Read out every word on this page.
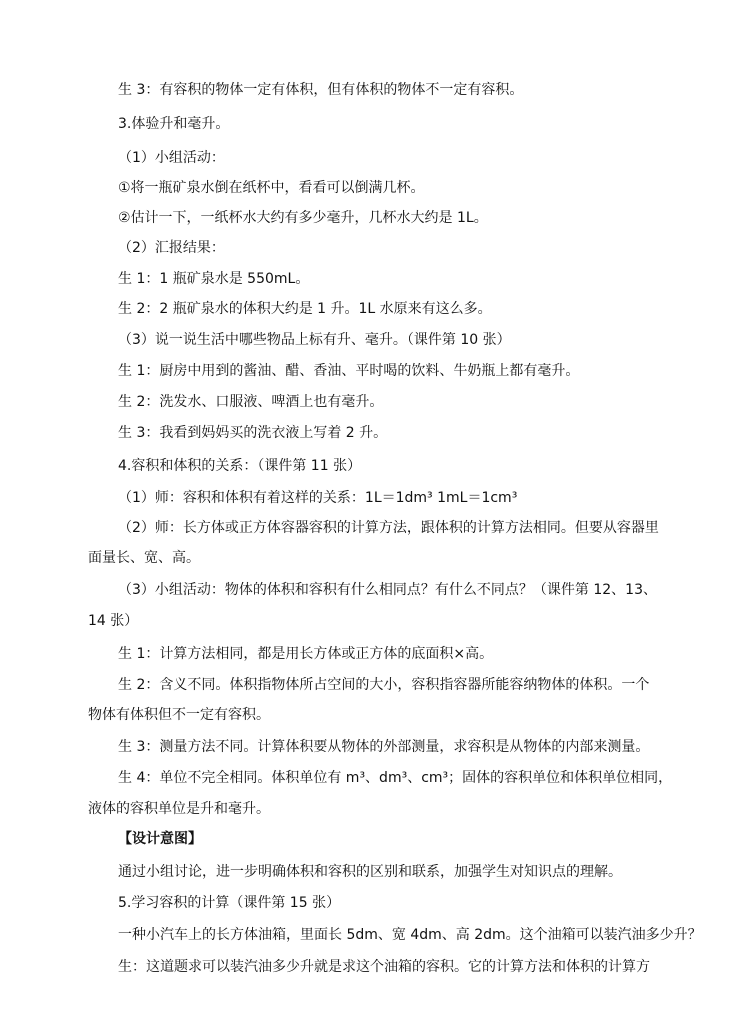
生 3：有容积的物体一定有体积，但有体积的物体不一定有容积。
3.体验升和毫升。
（1）小组活动：
①将一瓶矿泉水倒在纸杯中，看看可以倒满几杯。
②估计一下，一纸杯水大约有多少毫升，几杯水大约是 1L。
（2）汇报结果：
生 1：1 瓶矿泉水是 550mL。
生 2：2 瓶矿泉水的体积大约是 1 升。1L 水原来有这么多。
（3）说一说生活中哪些物品上标有升、毫升。（课件第 10 张）
生 1：厨房中用到的酱油、醋、香油、平时喝的饮料、牛奶瓶上都有毫升。
生 2：洗发水、口服液、啤酒上也有毫升。
生 3：我看到妈妈买的洗衣液上写着 2 升。
4.容积和体积的关系：（课件第 11 张）
（1）师：容积和体积有着这样的关系：1L＝1dm³ 1mL＝1cm³
（2）师：长方体或正方体容器容积的计算方法，跟体积的计算方法相同。但要从容器里
面量长、宽、高。
（3）小组活动：物体的体积和容积有什么相同点？有什么不同点？（课件第 12、13、
14 张）
生 1：计算方法相同，都是用长方体或正方体的底面积×高。
生 2：含义不同。体积指物体所占空间的大小，容积指容器所能容纳物体的体积。一个
物体有体积但不一定有容积。
生 3：测量方法不同。计算体积要从物体的外部测量，求容积是从物体的内部来测量。
生 4：单位不完全相同。体积单位有 m³、dm³、cm³；固体的容积单位和体积单位相同，
液体的容积单位是升和毫升。
【设计意图】
通过小组讨论，进一步明确体积和容积的区别和联系，加强学生对知识点的理解。
5.学习容积的计算（课件第 15 张）
一种小汽车上的长方体油箱，里面长 5dm、宽 4dm、高 2dm。这个油箱可以装汽油多少升？
生：这道题求可以装汽油多少升就是求这个油箱的容积。它的计算方法和体积的计算方
